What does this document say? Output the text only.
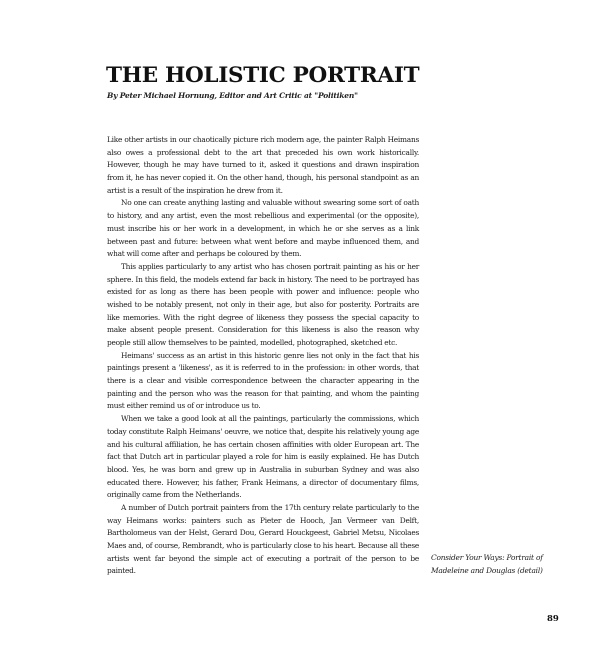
THE HOLISTIC PORTRAIT
By Peter Michael Hornung, Editor and Art Critic at "Politiken"

Like other artists in our chaotically picture rich modern age, the painter Ralph Heimans also owes a professional debt to the art that preceded his own work historically. However, though he may have turned to it, asked it questions and drawn inspiration from it, he has never copied it. On the other hand, though, his personal standpoint as an artist is a result of the inspiration he drew from it.

No one can create anything lasting and valuable without swearing some sort of oath to history, and any artist, even the most rebellious and experimental (or the opposite), must inscribe his or her work in a development, in which he or she serves as a link between past and future: between what went before and maybe influenced them, and what will come after and perhaps be coloured by them.

This applies particularly to any artist who has chosen portrait painting as his or her sphere. In this field, the models extend far back in history. The need to be portrayed has existed for as long as there has been people with power and influence: people who wished to be notably present, not only in their age, but also for posterity. Portraits are like memories. With the right degree of likeness they possess the special capacity to make absent people present. Consideration for this likeness is also the reason why people still allow themselves to be painted, modelled, photographed, sketched etc.

Heimans' success as an artist in this historic genre lies not only in the fact that his paintings present a 'likeness', as it is referred to in the profession: in other words, that there is a clear and visible correspondence between the character appearing in the painting and the person who was the reason for that painting, and whom the painting must either remind us of or introduce us to.

When we take a good look at all the paintings, particularly the commissions, which today constitute Ralph Heimans' oeuvre, we notice that, despite his relatively young age and his cultural affiliation, he has certain chosen affinities with older European art. The fact that Dutch art in particular played a role for him is easily explained. He has Dutch blood. Yes, he was born and grew up in Australia in suburban Sydney and was also educated there. However, his father, Frank Heimans, a director of documentary films, originally came from the Netherlands.

A number of Dutch portrait painters from the 17th century relate particularly to the way Heimans works: painters such as Pieter de Hooch, Jan Vermeer van Delft, Bartholomeus van der Helst, Gerard Dou, Gerard Houckgeest, Gabriel Metsu, Nicolaes Maes and, of course, Rembrandt, who is particularly close to his heart. Because all these artists went far beyond the simple act of executing a portrait of the person to be painted.

Consider Your Ways: Portrait of Madeleine and Douglas (detail)
89
